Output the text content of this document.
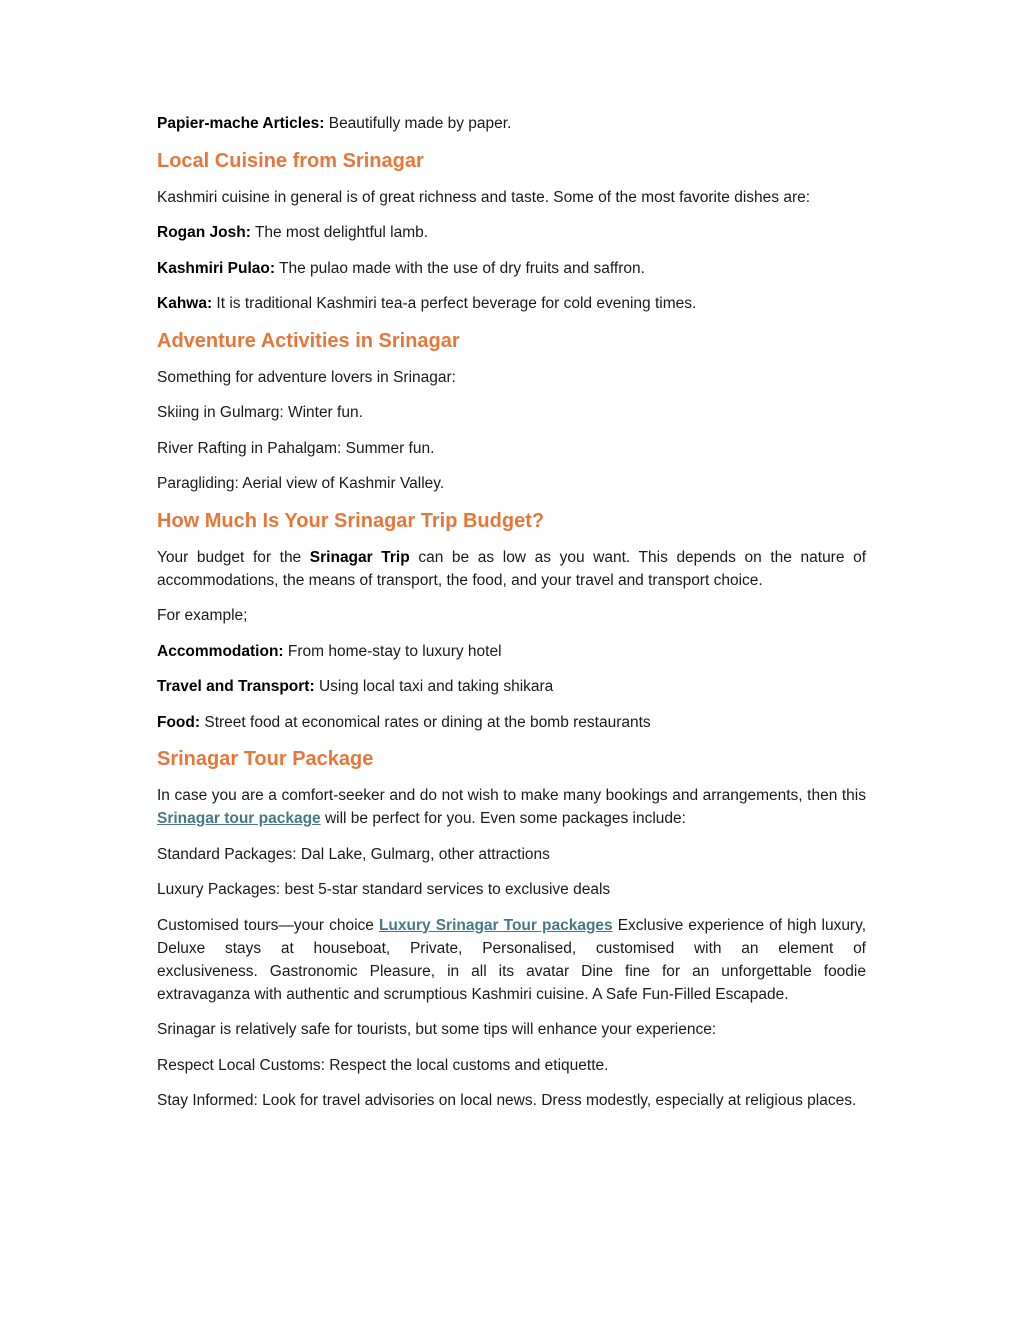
Papier-mache Articles: Beautifully made by paper.

Local Cuisine from Srinagar

Kashmiri cuisine in general is of great richness and taste. Some of the most favorite dishes are:

Rogan Josh: The most delightful lamb.

Kashmiri Pulao: The pulao made with the use of dry fruits and saffron.

Kahwa: It is traditional Kashmiri tea-a perfect beverage for cold evening times.

Adventure Activities in Srinagar

Something for adventure lovers in Srinagar:

Skiing in Gulmarg: Winter fun.

River Rafting in Pahalgam: Summer fun.

Paragliding: Aerial view of Kashmir Valley.

How Much Is Your Srinagar Trip Budget?

Your budget for the Srinagar Trip can be as low as you want. This depends on the nature of accommodations, the means of transport, the food, and your travel and transport choice.

For example;

Accommodation: From home-stay to luxury hotel

Travel and Transport: Using local taxi and taking shikara

Food: Street food at economical rates or dining at the bomb restaurants

Srinagar Tour Package

In case you are a comfort-seeker and do not wish to make many bookings and arrangements, then this Srinagar tour package will be perfect for you. Even some packages include:

Standard Packages: Dal Lake, Gulmarg, other attractions

Luxury Packages: best 5-star standard services to exclusive deals

Customised tours—your choice Luxury Srinagar Tour packages Exclusive experience of high luxury, Deluxe stays at houseboat, Private, Personalised, customised with an element of exclusiveness. Gastronomic Pleasure, in all its avatar Dine fine for an unforgettable foodie extravaganza with authentic and scrumptious Kashmiri cuisine. A Safe Fun-Filled Escapade.

Srinagar is relatively safe for tourists, but some tips will enhance your experience:

Respect Local Customs: Respect the local customs and etiquette.

Stay Informed: Look for travel advisories on local news. Dress modestly, especially at religious places.
